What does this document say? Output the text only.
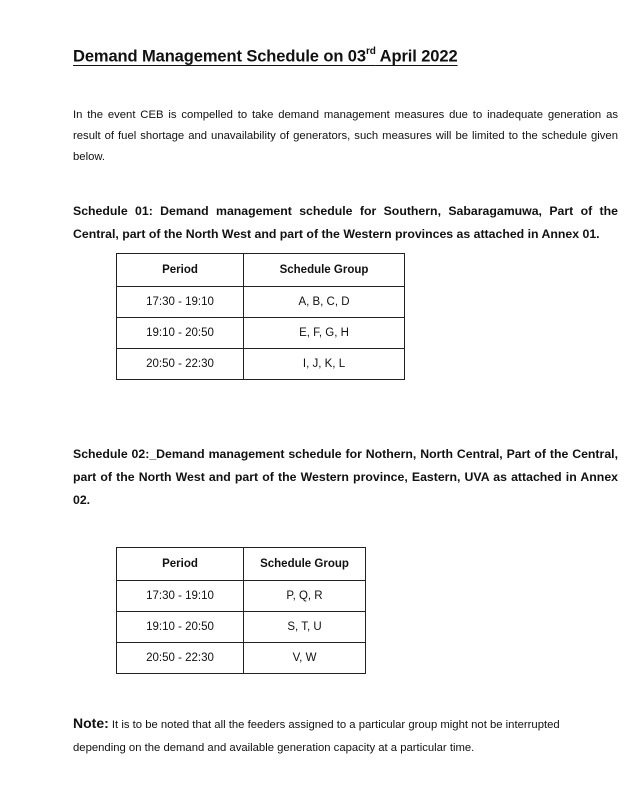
Demand Management Schedule on 03rd April 2022
In the event CEB is compelled to take demand management measures due to inadequate generation as result of fuel shortage and unavailability of generators, such measures will be limited to the schedule given below.
Schedule 01: Demand management schedule for Southern, Sabaragamuwa, Part of the Central, part of the North West and part of the Western provinces as attached in Annex 01.
Period	Schedule Group
17:30 - 19:10	A, B, C, D
19:10 - 20:50	E, F, G, H
20:50 - 22:30	I, J, K, L
Schedule 02:_Demand management schedule for Nothern, North Central, Part of the Central, part of the North West and part of the Western province, Eastern, UVA as attached in Annex 02.
Period	Schedule Group
17:30 - 19:10	P, Q, R
19:10 - 20:50	S, T, U
20:50 - 22:30	V, W
Note: It is to be noted that all the feeders assigned to a particular group might not be interrupted depending on the demand and available generation capacity at a particular time.
